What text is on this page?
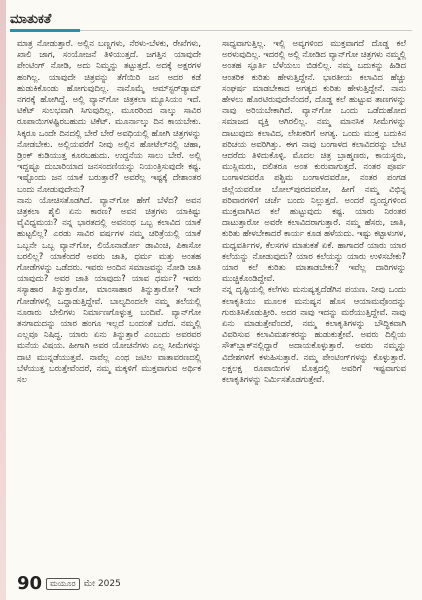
ಮಾತುಕತೆ

ಮಾತ್ರ ನೋಡುತ್ತಾರೆ. ಅಲ್ಲಿನ ಬಣ್ಣಗಳು, ನೆರಳು-ಬೆಳಕು, ರೇಖೆಗಳು, ಖಾಲಿ ಜಾಗ, ಸಂಯೋಜನೆ ತಿಳಿಯುತ್ತದೆ. ಜಗತ್ತಿನ ಯಾವುದೇ ಪೇಂಟಿಂಗ್ ನೋಡಿ, ಅದು ನಿಮ್ಮನ್ನು ತಟ್ಟುತ್ತದೆ. ಅದಕ್ಕೆ ಅಕ್ಷರಗಳ ಹಂಗಿಲ್ಲ. ಯಾವುದೇ ಚಿತ್ರವನ್ನು ತೆಗೆಯಿರಿ ಜನ ಅದರ ಕಡೆ ಹುಡುಕಿಕೊಂಡು ಹೋಗುವುದಿಲ್ಲ. ನಾನೊಮ್ಮೆ ಆಮ್‌ಸ್ಟರ್‌ಡ್ಯಾಮ್ ನಗರಕ್ಕೆ ಹೋಗಿದ್ದೆ. ಅಲ್ಲಿ ವ್ಯಾನ್‌ಗೋ ಚಿತ್ರಕಲಾ ಮ್ಯೂಸಿಯಂ ಇದೆ. ಟಿಕೆಟ್ ಸುಲಭವಾಗಿ ಸಿಗುವುದಿಲ್ಲ. ಮೂರರಿಂದ ನಾಲ್ಕು ಸಾವಿರ ರೂಪಾಯಿಗಳಷ್ಟಿರಬಹುದು ಟಿಕೆಟ್. ಮೂರ್ನಾಲ್ಕು ದಿನ ಕಾಯಬೇಕು. ಸಿಕ್ಕರೂ ಒಂದೇ ದಿನದಲ್ಲಿ ಬೇರೆ ಬೇರೆ ಅವಧಿಯಲ್ಲಿ ಹೋಗಿ ಚಿತ್ರಗಳನ್ನು ನೋಡಬೇಕು. ಅಲ್ಲಿಯವರೆಗೆ ನೀವು ಅಲ್ಲಿನ ಹೋಟೆಲ್‌ನಲ್ಲಿ ಚಹಾ, ಡ್ರಿಂಕ್ ಕುಡಿಯುತ್ತ ಕೂರಬಹುದು. ಉದ್ದನೆಯ ಸಾಲು ಬೇರೆ. ಅಲ್ಲಿ ಇದ್ದಷ್ಟೂ ದುಬಾರಿಯಾದ ಜನಸಂದಣಿಯನ್ನು ನಿಯಂತ್ರಿಸುವುದೇ ಕಷ್ಟ. ಇಷ್ಟೊಂದು ಜನ ಯಾಕೆ ಬರುತ್ತಾರೆ? ಅವರೆಲ್ಲ ಇಷ್ಟಕ್ಕೆ ದೇಶಾಂತರ ಬಂದು ನೋಡುವುದೇನು?

ನಾನು ಯೋಚಿಸತೊಡಗಿದೆ. ವ್ಯಾನ್‌ಗೋ ಹೇಗೆ ಬೆಳೆದ? ಅವನ ಚಿತ್ರಕಲಾ ಶೈಲಿ ಏನು ಕಾರಣ? ಅವನ ಚಿತ್ರಗಳು ಯಾಕಿಷ್ಟು ವೈವಿಧ್ಯಮಯ? ನನ್ನ ಭಾರತದಲ್ಲಿ ಅವನಂಥ ಒಬ್ಬ ಕಲಾವಿದ ಯಾಕೆ ಹುಟ್ಟಲಿಲ್ಲ? ಎರಡು ಸಾವಿರ ವರ್ಷಗಳ ನಮ್ಮ ಚರಿತ್ರೆಯಲ್ಲಿ ಯಾಕೆ ಒಬ್ಬನೇ ಒಬ್ಬ ವ್ಯಾನ್‌ಗೋ, ಲಿಯೊನಾರ್ಡೋ ಡಾವಿಂಚಿ, ಪಿಕಾಸೋ ಬರಲಿಲ್ಲ? ಯಾಕೆಂದರೆ ಅವರು ಜಾತಿ, ಧರ್ಮ ಮತ್ತು ಅಂತಹ ಗೋಡೆಗಳನ್ನು ಒಡೆದರು. ಇವರು ಅಂದಿನ ಸಮಾಜವನ್ನು ನೋಡಿ ಜಾತಿ ಯಾವುದು? ಅವರ ಜಾತಿ ಯಾವುದು? ಯಾವ ಧರ್ಮ? ಇವರು ಸಸ್ಯಾಹಾರ ತಿನ್ನುತ್ತಾರೋ, ಮಾಂಸಾಹಾರ ತಿನ್ನುತ್ತಾರೋ? ಇದೇ ಗೋಡೆಗಳಲ್ಲಿ ಒದ್ದಾಡುತ್ತಿದ್ದೇವೆ. ಬಾಲ್ಯದಿಂದಲೇ ನಮ್ಮ ತಲೆಯಲ್ಲಿ ನೂರಾರು ಬೇಲಿಗಳು ನಿರ್ಮಾಣಗೊಳ್ಳುತ್ತ ಬಂದಿವೆ. ವ್ಯಾನ್‌ಗೋ ತನಗಾದುದನ್ನು ಯಾರ ಹಂಗೂ ಇಲ್ಲದೆ ಬಂದಂತೆ ಬರೆದ. ನಮ್ಮಲ್ಲಿ ಎಲ್ಲವೂ ನಿಷಿದ್ಧ. ಯಾರು ಏನು ತಿನ್ನುತ್ತಾರೆ ಎಂಬುದು ಅವರವರ ಮನೆಯ ವಿಷಯ. ಹೀಗಾಗಿ ಅವರ ಯೋಚನೆಗಳು ಎಲ್ಲ ಸೀಮೆಗಳನ್ನು ದಾಟಿ ಮುನ್ನಡೆಯುತ್ತವೆ. ನಾವೆಲ್ಲ ಎಂಥ ಜಟಿಲ ವಾತಾವರಣದಲ್ಲಿ ಬೆಳೆಯುತ್ತ ಬರುತ್ತೇವೆಂದರೆ, ನಮ್ಮ ಮಕ್ಕಳಿಗೆ ಮುಕ್ತವಾಗುವ ಅರ್ಥಿಕ ಸಲ

ಸಾಧ್ಯವಾಗುತ್ತಿಲ್ಲ. ಇಲ್ಲಿ ಅವ್ಯಗಳಿಂದ ಮುಕ್ತವಾಗದೆ ದೊಡ್ಡ ಕಲೆ ಅರಳುವುದಿಲ್ಲ. ಇದರಲ್ಲಿ ಅಲ್ಲಿ ನೋಡಿದ ವ್ಯಾನ್‌ಗೋ ಚಿತ್ರಗಳು ನಮ್ಮಲ್ಲಿ ಅಂತಹ ಸ್ಫೂರ್ತಿ ಬೆಳೆಯಲು ಬಿಡಲಿಲ್ಲ. ನಮ್ಮ ಬದುಕನ್ನು ಹಿಡಿದ ಆಂತರಿಕ ಕುರಿತು ಹೇಳುತ್ತಿದ್ದೇನೆ. ಭಾರತೀಯ ಕಲಾವಿದ ಹೆಚ್ಚು ಸಂಘರ್ಷ ಮಾಡಬೇಕಾದ ಅಗತ್ಯದ ಕುರಿತು ಹೇಳುತ್ತಿದ್ದೇನೆ. ನಾನು ಹೇಳಲು ಹೊರಟಿರುವುದೇನೆಂದರೆ, ದೊಡ್ಡ ಕಲೆ ಹುಟ್ಟುವ ತಾಣಗಳನ್ನು ನಾವು ಅರಿಯಬೇಕಾಗಿದೆ. ವ್ಯಾನ್‌ಗೋ ಒಂದು ಒಡೆದುಹೋದ ಸಮಾಜದ ವ್ಯಕ್ತಿ ಆಗಿರಲಿಲ್ಲ. ನಮ್ಮ ಮಾನಸಿಕ ಸೀಮೆಗಳನ್ನು ದಾಟುವುದು ಕಲಾವಿದ, ಲೇಖಕರಿಗೆ ಅಗತ್ಯ. ಒಂದು ಮುಕ್ತ ಬದುಕಿನ ಪರಿಚಯ ಅವರಿಗಿತ್ತು. ಈಗ ನಾವು ಬಂಗಾಳದ ಕಲಾವಿದರನ್ನು ಬೇಟಿ ಆದರೆದು ತಿಳಿದುಕೊಳ್ಳಿ. ಮೊದಲ ಚಿತ್ರ ಬ್ರಾಹ್ಮಣರು, ಕಾಯಸ್ಥರು, ಮುಸ್ಲಿಮರು, ದಲಿತರೂ ಅಂತ ಕುರುವಾಗುತ್ತದೆ. ನಂತರ ಪೂರ್ವ ಬಂಗಾಳದವರೊ ಪಶ್ಚಿಮ ಬಂಗಾಳದವರೋ, ನಂತರ ಪಂಗಡ ಜಿಲ್ಲೆಯವರೋ ಬೋಲ್‌ಪುರದವರೋ, ಹೀಗೆ ನಮ್ಮ ವಿಭಿನ್ನ ಪರಿವಾರಗಳಿಗೆ ಚರ್ಚೆ ಬಂದು ನಿಲ್ಲುತ್ತದೆ. ಅಂದರೆ ದ್ವಂದ್ವಗಳಿಂದ ಮುಕ್ತವಾಗಿಸಿದ ಕಲೆ ಹುಟ್ಟುವುದು ಕಷ್ಟ. ಯಾರು ನಿರಂತರ ದಾಟುತ್ತಾರೋ ಅವರೇ ಕಲಾವಿದರಾಗುತ್ತಾರೆ. ನಮ್ಮ ಹೆಸರು, ಜಾತಿ, ಕುರಿತು ಹೇಳಬೇಕಾದರೆ ಕಾರ್ಯ ಕೂಡ ಹಳೆಯದು. ಇಷ್ಟು ಕಟ್ಟಾಳುಗಳ, ಮಧ್ಯವರ್ತಿಗಳ, ಕೆಲಸಗಳ ಮಾತುಕತೆ ಏಕೆ. ಹಾಗಾದರೆ ಯಾರು ಯಾರ ಕಲೆಯನ್ನು ನೋಡುವುದು? ಯಾರ ಕಲೆಯನ್ನು ಯಾರು ಉಳಿಸಬೇಕು? ಯಾರ ಕಲೆ ಕುರಿತು ಮಾತಾಡಬೇಕು? ಇವೆಲ್ಲ ದಾರಿಗಳನ್ನು ಮುಚ್ಚಿಕೊಂಡಿದ್ದೇವೆ.

ನನ್ನ ದೃಷ್ಟಿಯಲ್ಲಿ ಕಲೆಗಳು ಮನುಷ್ಯತ್ವದೆಡೆಗಿನ ಪಯಣ. ನೀವು ಒಂದು ಕಲಾಕೃತಿಯು ಮೂಲಕ ಮನುಷ್ಯನ ಹೊಸ ಆಯಾಮವೊಂದನ್ನು ಗುರುತಿಸಿಕೊಡುತ್ತೀರಿ. ಅದರ ನಾವು ಇದನ್ನು ಮರೆಯುತ್ತಿದ್ದೇವೆ. ನಾವು ಏನು ಮಾಡುತ್ತೇವೆಂದರೆ, ನಮ್ಮ ಕಲಾಕೃತಿಗಳನ್ನು ಬೌದ್ಧಿಕವಾಗಿ ವಿವರಿಸುವ ಕಲಾವಿಮರ್ಶಕರನ್ನು ಹುಡುಕುತ್ತೇವೆ. ಅವರು ದಿಲ್ಲಿಯ ಸೌತ್‌ಬ್ಲಾಕ್‌ನಲ್ಲಿದ್ದಾರೆ ಅದಾಯಕೊಳ್ಳುತ್ತಾರೆ. ಅವರು ನಮ್ಮನ್ನು ವಿದೇಶಗಳಿಗೆ ಕಳುಹಿಸುತ್ತಾರೆ. ನಮ್ಮ ಪೇಂಟಿಂಗ್‌ಗಳನ್ನು ಕೊಳ್ಳುತ್ತಾರೆ. ಲಕ್ಷಲಕ್ಷ ರೂಪಾಯಿಗಳ ಮೊತ್ತದಲ್ಲಿ ಅವರಿಗೆ ಇಷ್ಟವಾಗುವ ಕಲಾಕೃತಿಗಳನ್ನು ನಿರ್ಮಿಸತೊಡಗುತ್ತೇವೆ.

90	ಮಯೂರ ಮೇ 2025
